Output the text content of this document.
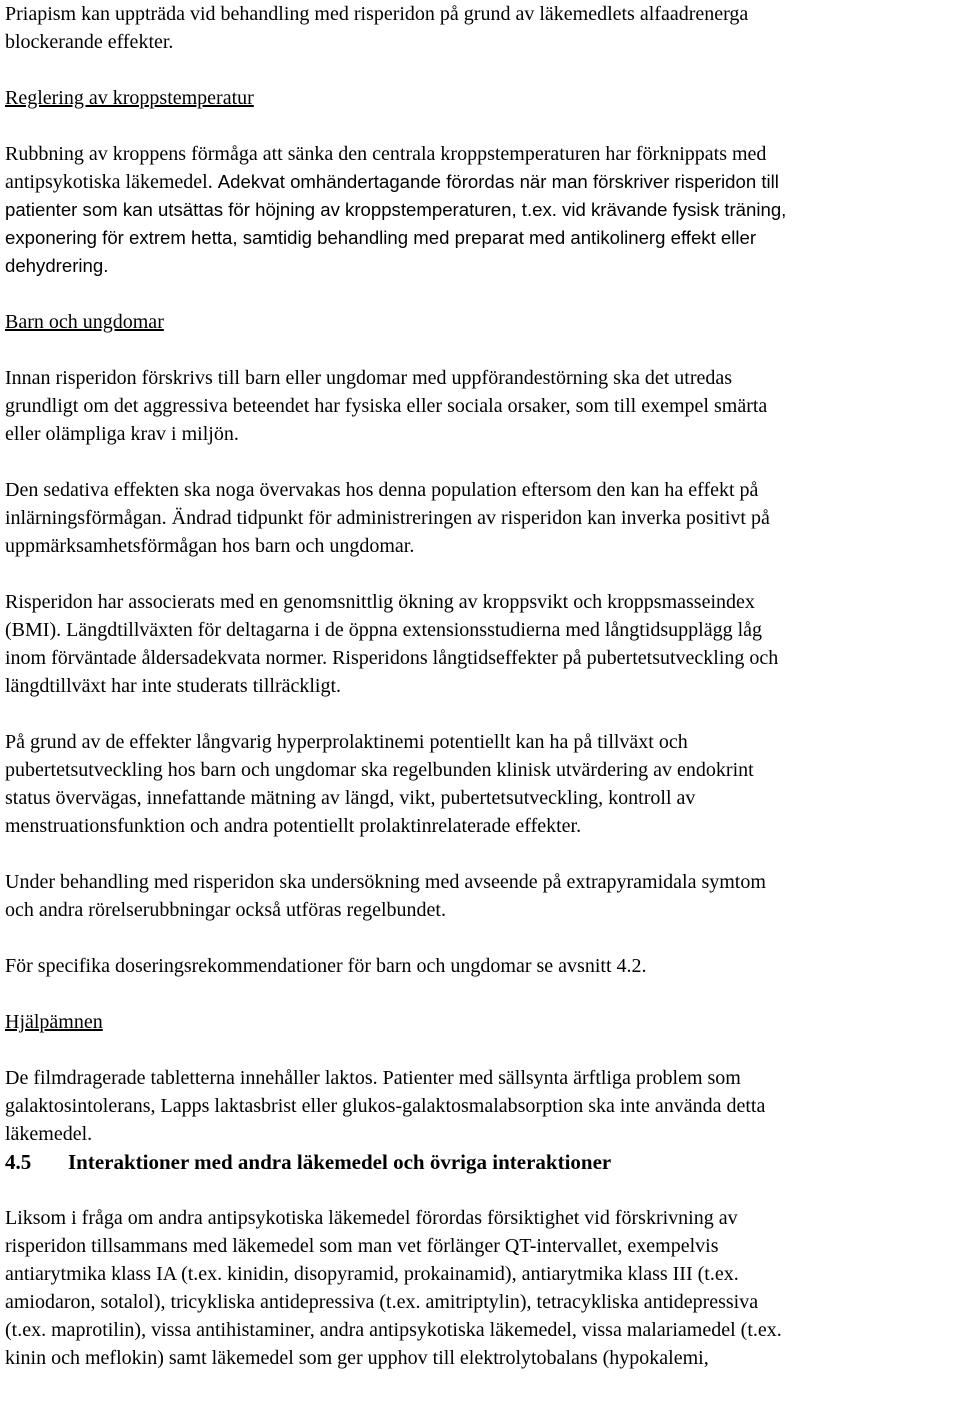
Priapism kan uppträda vid behandling med risperidon på grund av läkemedlets alfaadrenerga
blockerande effekter.

Reglering av kroppstemperatur

Rubbning av kroppens förmåga att sänka den centrala kroppstemperaturen har förknippats med
antipsykotiska läkemedel. Adekvat omhändertagande förordas när man förskriver risperidon till
patienter som kan utsättas för höjning av kroppstemperaturen, t.ex. vid krävande fysisk träning,
exponering för extrem hetta, samtidig behandling med preparat med antikolinerg effekt eller
dehydrering.

Barn och ungdomar

Innan risperidon förskrivs till barn eller ungdomar med uppförandestörning ska det utredas
grundligt om det aggressiva beteendet har fysiska eller sociala orsaker, som till exempel smärta
eller olämpliga krav i miljön.

Den sedativa effekten ska noga övervakas hos denna population eftersom den kan ha effekt på
inlärningsförmågan. Ändrad tidpunkt för administreringen av risperidon kan inverka positivt på
uppmärksamhetsförmågan hos barn och ungdomar.

Risperidon har associerats med en genomsnittlig ökning av kroppsvikt och kroppsmasseindex
(BMI). Längdtillväxten för deltagarna i de öppna extensionsstudierna med långtidsupplägg låg
inom förväntade åldersadekvata normer. Risperidons långtidseffekter på pubertetsutveckling och
längdtillväxt har inte studerats tillräckligt.

På grund av de effekter långvarig hyperprolaktinemi potentiellt kan ha på tillväxt och
pubertetsutveckling hos barn och ungdomar ska regelbunden klinisk utvärdering av endokrint
status övervägas, innefattande mätning av längd, vikt, pubertetsutveckling, kontroll av
menstruationsfunktion och andra potentiellt prolaktinrelaterade effekter.

Under behandling med risperidon ska undersökning med avseende på extrapyramidala symtom
och andra rörelserubbningar också utföras regelbundet.

För specifika doseringsrekommendationer för barn och ungdomar se avsnitt 4.2.

Hjälpämnen

De filmdragerade tabletterna innehåller laktos. Patienter med sällsynta ärftliga problem som
galaktosintolerans, Lapps laktasbrist eller glukos-galaktosmalabsorption ska inte använda detta
läkemedel.

4.5 Interaktioner med andra läkemedel och övriga interaktioner

Liksom i fråga om andra antipsykotiska läkemedel förordas försiktighet vid förskrivning av
risperidon tillsammans med läkemedel som man vet förlänger QT-intervallet, exempelvis
antiarytmika klass IA (t.ex. kinidin, disopyramid, prokainamid), antiarytmika klass III (t.ex.
amiodaron, sotalol), tricykliska antidepressiva (t.ex. amitriptylin), tetracykliska antidepressiva
(t.ex. maprotilin), vissa antihistaminer, andra antipsykotiska läkemedel, vissa malariamedel (t.ex.
kinin och meflokin) samt läkemedel som ger upphov till elektrolytobalans (hypokalemi,
